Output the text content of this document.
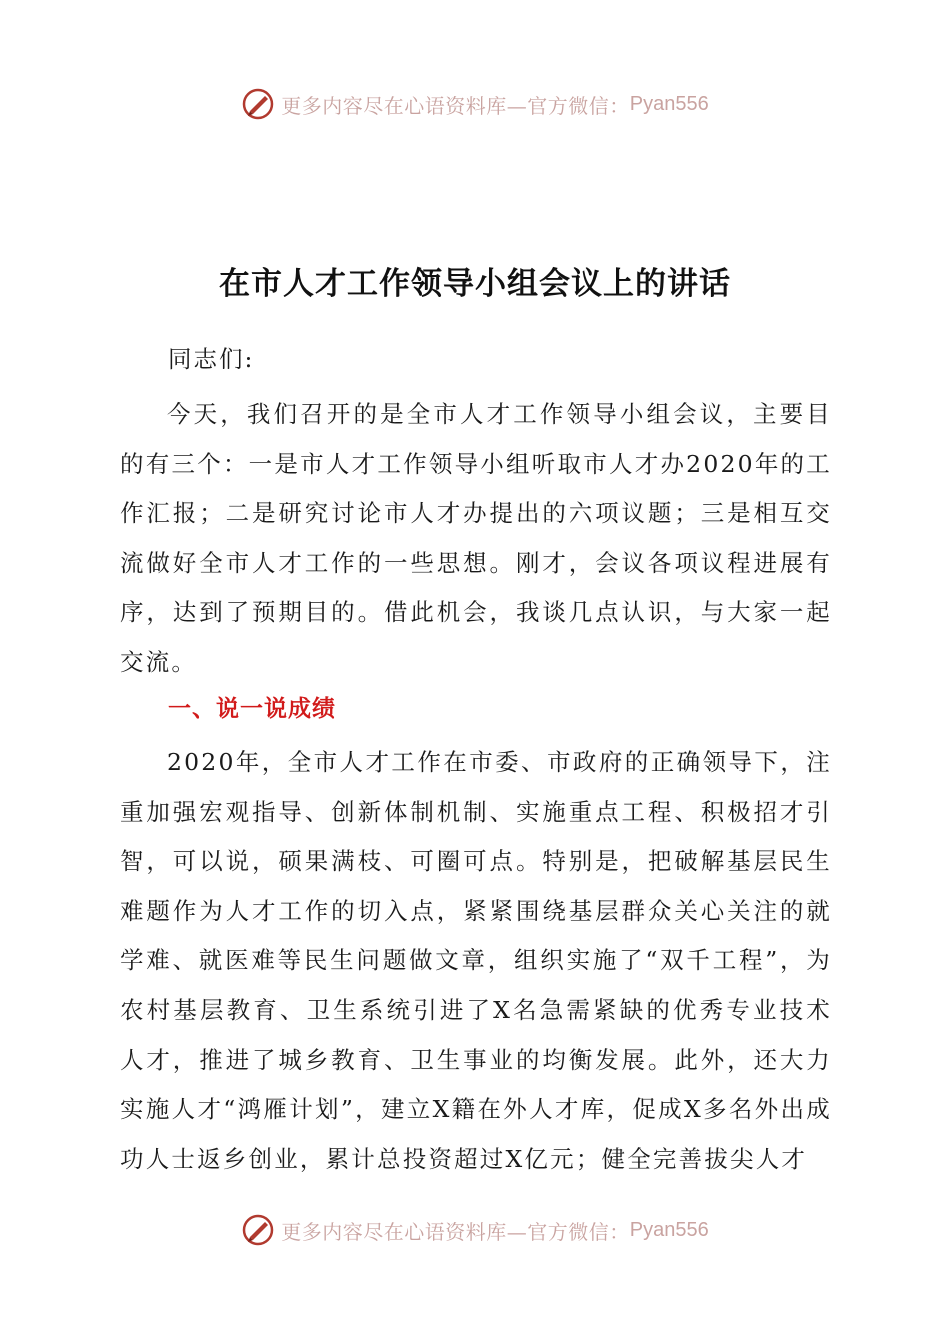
更多内容尽在心语资料库—官方微信： Pyan556
在市人才工作领导小组会议上的讲话
同志们:

今天，我们召开的是全市人才工作领导小组会议，主要目的有三个：一是市人才工作领导小组听取市人才办2020年的工作汇报；二是研究讨论市人才办提出的六项议题；三是相互交流做好全市人才工作的一些思想。刚才，会议各项议程进展有序，达到了预期目的。借此机会，我谈几点认识，与大家一起交流。

一、说一说成绩

2020年，全市人才工作在市委、市政府的正确领导下，注重加强宏观指导、创新体制机制、实施重点工程、积极招才引智，可以说，硕果满枝、可圈可点。特别是，把破解基层民生难题作为人才工作的切入点，紧紧围绕基层群众关心关注的就学难、就医难等民生问题做文章，组织实施了“双千工程”，为农村基层教育、卫生系统引进了X名急需紧缺的优秀专业技术人才，推进了城乡教育、卫生事业的均衡发展。此外，还大力实施人才“鸿雁计划”，建立X籍在外人才库，促成X多名外出成功人士返乡创业，累计总投资超过X亿元；健全完善拔尖人才

更多内容尽在心语资料库—官方微信： Pyan556
